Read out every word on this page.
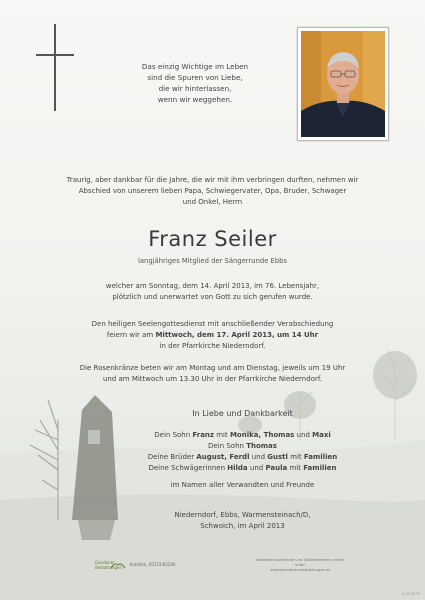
Das einzig Wichtige im Leben
sind die Spuren von Liebe,
die wir hinterlassen,
wenn wir weggehen.
Traurig, aber dankbar für die Jahre, die wir mit ihm verbringen durften, nehmen wir
Abschied von unserem lieben Papa, Schwiegervater, Opa, Bruder, Schwager
und Onkel, Herrn
Franz Seiler
langjähriges Mitglied der Sängerrunde Ebbs
welcher am Sonntag, dem 14. April 2013, im 76. Lebensjahr,
plötzlich und unerwartet von Gott zu sich gerufen wurde.
Den heiligen Seelengottesdienst mit anschließender Verabschiedung
feiern wir am Mittwoch, dem 17. April 2013, um 14 Uhr
in der Pfarrkirche Niederndorf.
Die Rosenkränze beten wir am Montag und am Dienstag, jeweils um 19 Uhr
und am Mittwoch um 13.30 Uhr in der Pfarrkirche Niederndorf.
In Liebe und Dankbarkeit
Dein Sohn Franz mit Monika, Thomas und Maxi
Dein Sohn Thomas
Deine Brüder August, Ferdl und Gustl mit Familien
Deine Schwägerinnen Hilda und Paula mit Familien
im Namen aller Verwandten und Freunde
Niederndorf, Ebbs, Warmensteinach/D,
Schwoich, im April 2013
Gendaner
Bestattungen
Kufstein, 05372/62240
Kondolenzsuchende und Gedenkkerzen online unter
www.gendaner-bestattungen.at
4.37.9678
